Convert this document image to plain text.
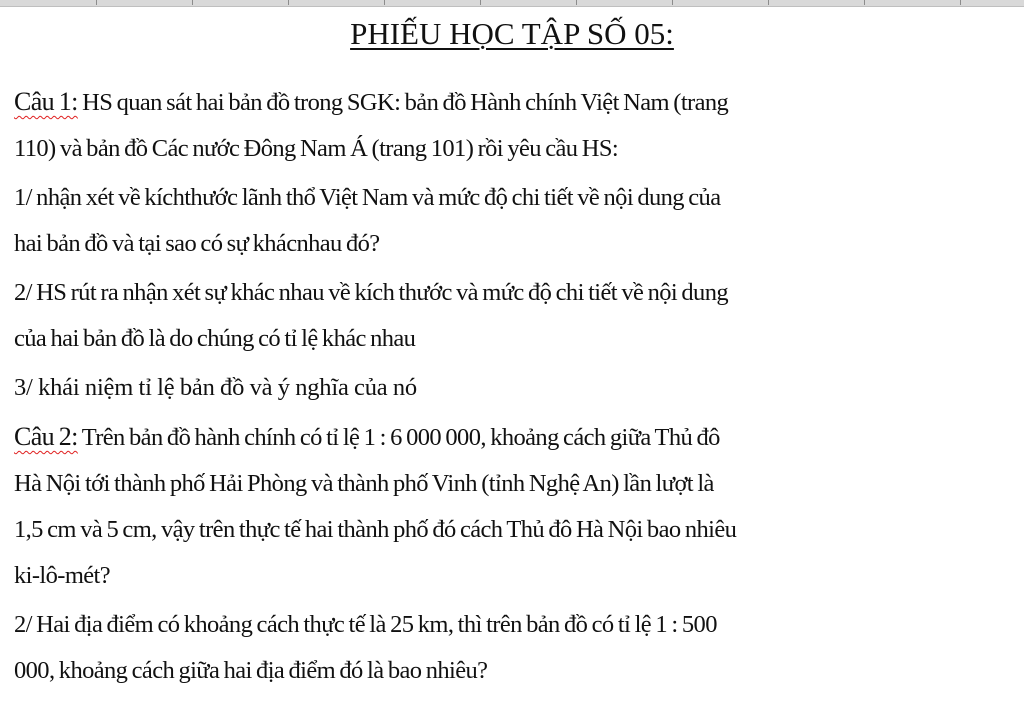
PHIẾU HỌC TẬP SỐ 05:

Câu 1: HS quan sát hai bản đồ trong SGK: bản đồ Hành chính Việt Nam (trang
110) và bản đồ Các nước Đông Nam Á (trang 101) rồi yêu cầu HS:

1/ nhận xét về kíchthước lãnh thổ Việt Nam và mức độ chi tiết về nội dung của
hai bản đồ và tại sao có sự khácnhau đó?

2/ HS rút ra nhận xét sự khác nhau về kích thước và mức độ chi tiết về nội dung
của hai bản đồ là do chúng có tỉ lệ khác nhau

3/ khái niệm tỉ lệ bản đồ và ý nghĩa của nó

Câu 2: Trên bản đồ hành chính có tỉ lệ 1 : 6 000 000, khoảng cách giữa Thủ đô
Hà Nội tới thành phố Hải Phòng và thành phố Vinh (tỉnh Nghệ An) lần lượt là
1,5 cm và 5 cm, vậy trên thực tế hai thành phố đó cách Thủ đô Hà Nội bao nhiêu
ki-lô-mét?

2/ Hai địa điểm có khoảng cách thực tế là 25 km, thì trên bản đồ có tỉ lệ 1 : 500
000, khoảng cách giữa hai địa điểm đó là bao nhiêu?
